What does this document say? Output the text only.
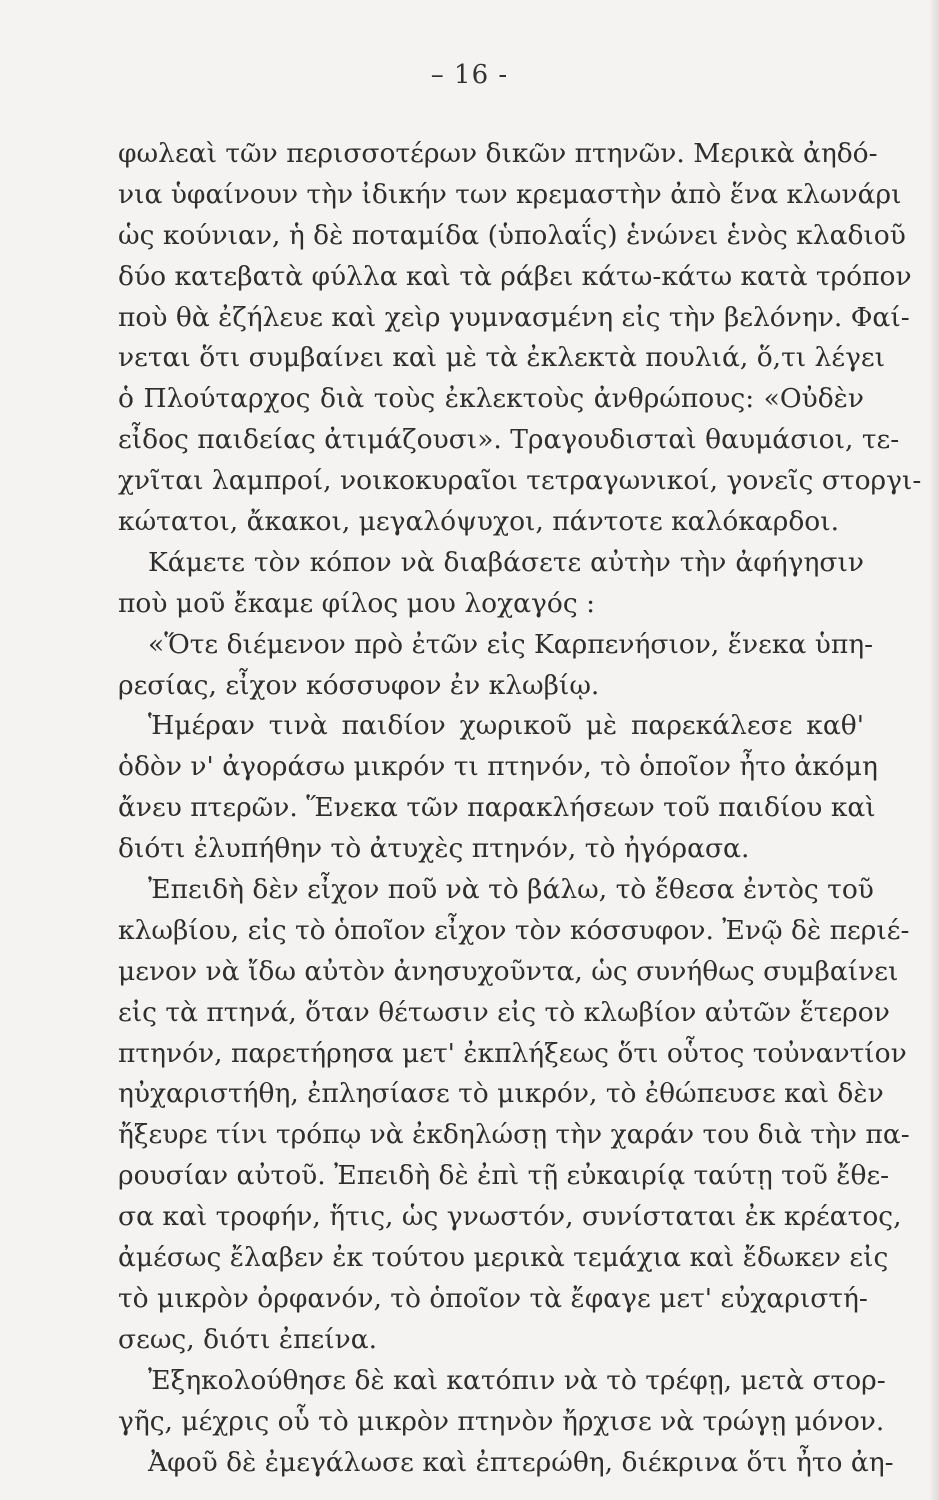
– 16 -
φωλεαὶ τῶν περισσοτέρων δικῶν πτηνῶν. Μερικὰ ἀηδό-
νια ὑφαίνουν τὴν ἰδικήν των κρεμαστὴν ἀπὸ ἕνα κλωνάρι
ὡς κούνιαν, ἡ δὲ ποταμίδα (ὑπολαΐς) ἑνώνει ἑνὸς κλαδιοῦ
δύο κατεβατὰ φύλλα καὶ τὰ ράβει κάτω-κάτω κατὰ τρόπον
ποὺ θὰ ἐζήλευε καὶ χεὶρ γυμνασμένη εἰς τὴν βελόνην. Φαί-
νεται ὅτι συμβαίνει καὶ μὲ τὰ ἐκλεκτὰ πουλιά, ὅ,τι λέγει
ὁ Πλούταρχος διὰ τοὺς ἐκλεκτοὺς ἀνθρώπους: «Οὐδὲν
εἶδος παιδείας ἀτιμάζουσι». Τραγουδισταὶ θαυμάσιοι, τε-
χνῖται λαμπροί, νοικοκυραῖοι τετραγωνικοί, γονεῖς στοργι-
κώτατοι, ἄκακοι, μεγαλόψυχοι, πάντοτε καλόκαρδοι.
Κάμετε τὸν κόπον νὰ διαβάσετε αὐτὴν τὴν ἀφήγησιν
ποὺ μοῦ ἔκαμε φίλος μου λοχαγός :
«Ὅτε διέμενον πρὸ ἐτῶν εἰς Καρπενήσιον, ἕνεκα ὑπη-
ρεσίας, εἶχον κόσσυφον ἐν κλωβίῳ.
Ἡμέραν τινὰ παιδίον χωρικοῦ μὲ παρεκάλεσε καθ'
ὁδὸν ν' ἀγοράσω μικρόν τι πτηνόν, τὸ ὁποῖον ἦτο ἀκόμη
ἄνευ πτερῶν. Ἕνεκα τῶν παρακλήσεων τοῦ παιδίου καὶ
διότι ἐλυπήθην τὸ ἀτυχὲς πτηνόν, τὸ ἠγόρασα.
Ἐπειδὴ δὲν εἶχον ποῦ νὰ τὸ βάλω, τὸ ἔθεσα ἐντὸς τοῦ
κλωβίου, εἰς τὸ ὁποῖον εἶχον τὸν κόσσυφον. Ἐνῷ δὲ περιέ-
μενον νὰ ἴδω αὐτὸν ἀνησυχοῦντα, ὡς συνήθως συμβαίνει
εἰς τὰ πτηνά, ὅταν θέτωσιν εἰς τὸ κλωβίον αὐτῶν ἕτερον
πτηνόν, παρετήρησα μετ' ἐκπλήξεως ὅτι οὗτος τοὐναντίον
ηὐχαριστήθη, ἐπλησίασε τὸ μικρόν, τὸ ἐθώπευσε καὶ δὲν
ἤξευρε τίνι τρόπῳ νὰ ἐκδηλώσῃ τὴν χαράν του διὰ τὴν πα-
ρουσίαν αὐτοῦ. Ἐπειδὴ δὲ ἐπὶ τῇ εὐκαιρίᾳ ταύτῃ τοῦ ἔθε-
σα καὶ τροφήν, ἥτις, ὡς γνωστόν, συνίσταται ἐκ κρέατος,
ἀμέσως ἔλαβεν ἐκ τούτου μερικὰ τεμάχια καὶ ἔδωκεν εἰς
τὸ μικρὸν ὀρφανόν, τὸ ὁποῖον τὰ ἔφαγε μετ' εὐχαριστή-
σεως, διότι ἐπείνα.
Ἐξηκολούθησε δὲ καὶ κατόπιν νὰ τὸ τρέφῃ, μετὰ στορ-
γῆς, μέχρις οὗ τὸ μικρὸν πτηνὸν ἤρχισε νὰ τρώγῃ μόνον.
Ἀφοῦ δὲ ἐμεγάλωσε καὶ ἐπτερώθη, διέκρινα ὅτι ἦτο ἀη-
